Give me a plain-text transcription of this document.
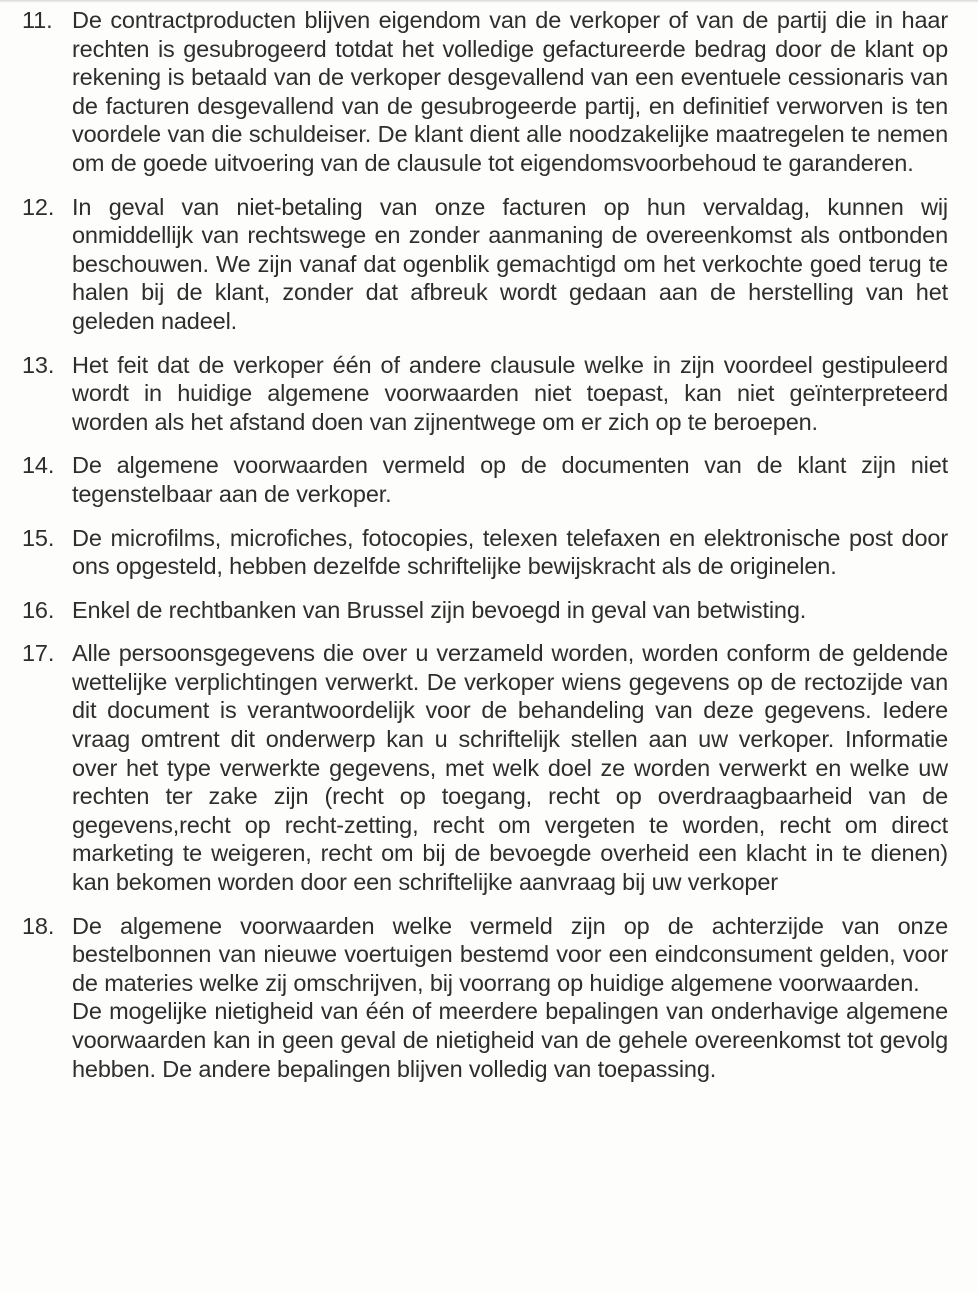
11. De contractproducten blijven eigendom van de verkoper of van de partij die in haar rechten is gesubrogeerd totdat het volledige gefactureerde bedrag door de klant op rekening is betaald van de verkoper desgevallend van een eventuele cessionaris van de facturen desgevallend van de gesubrogeerde partij, en definitief verworven is ten voordele van die schuldeiser. De klant dient alle noodzakelijke maatregelen te nemen om de goede uitvoering van de clausule tot eigendomsvoorbehoud te garanderen.

12. In geval van niet-betaling van onze facturen op hun vervaldag, kunnen wij onmiddellijk van rechtswege en zonder aanmaning de overeenkomst als ontbonden beschouwen. We zijn vanaf dat ogenblik gemachtigd om het verkochte goed terug te halen bij de klant, zonder dat afbreuk wordt gedaan aan de herstelling van het geleden nadeel.

13. Het feit dat de verkoper één of andere clausule welke in zijn voordeel gestipuleerd wordt in huidige algemene voorwaarden niet toepast, kan niet geïnterpreteerd worden als het afstand doen van zijnentwege om er zich op te beroepen.

14. De algemene voorwaarden vermeld op de documenten van de klant zijn niet tegenstelbaar aan de verkoper.

15. De microfilms, microfiches, fotocopies, telexen telefaxen en elektronische post door ons opgesteld, hebben dezelfde schriftelijke bewijskracht als de originelen.

16. Enkel de rechtbanken van Brussel zijn bevoegd in geval van betwisting.

17. Alle persoonsgegevens die over u verzameld worden, worden conform de geldende wettelijke verplichtingen verwerkt. De verkoper wiens gegevens op de rectozijde van dit document is verantwoordelijk voor de behandeling van deze gegevens. Iedere vraag omtrent dit onderwerp kan u schriftelijk stellen aan uw verkoper. Informatie over het type verwerkte gegevens, met welk doel ze worden verwerkt en welke uw rechten ter zake zijn (recht op toegang, recht op overdraagbaarheid van de gegevens,recht op recht-zetting, recht om vergeten te worden, recht om direct marketing te weigeren, recht om bij de bevoegde overheid een klacht in te dienen) kan bekomen worden door een schriftelijke aanvraag bij uw verkoper

18. De algemene voorwaarden welke vermeld zijn op de achterzijde van onze bestelbonnen van nieuwe voertuigen bestemd voor een eindconsument gelden, voor de materies welke zij omschrijven, bij voorrang op huidige algemene voorwaarden.

De mogelijke nietigheid van één of meerdere bepalingen van onderhavige algemene voorwaarden kan in geen geval de nietigheid van de gehele overeenkomst tot gevolg hebben. De andere bepalingen blijven volledig van toepassing.
